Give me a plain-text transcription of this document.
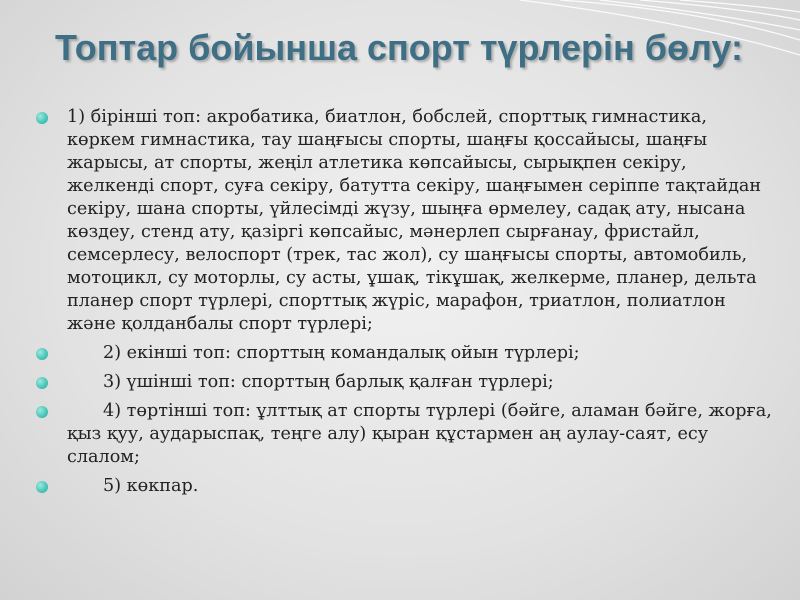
Топтар бойынша спорт түрлерін бөлу:
1) бірінші топ: акробатика, биатлон, бобслей, спорттық гимнастика, көркем гимнастика, тау шаңғысы спорты, шаңғы қоссайысы, шаңғы жарысы, ат спорты, жеңіл атлетика көпсайысы, сырықпен секіру, желкенді спорт, суға секіру, батутта секіру, шаңғымен серіппе тақтайдан секіру, шана спорты, үйлесімді жүзу, шыңға өрмелеу, садақ ату, нысана көздеу, стенд ату, қазіргі көпсайыс, мәнерлеп сырғанау, фристайл, семсерлесу, велоспорт (трек, тас жол), су шаңғысы спорты, автомобиль, мотоцикл, су моторлы, су асты, ұшақ, тікұшақ, желкерме, планер, дельта планер спорт түрлері, спорттық жүріс, марафон, триатлон, полиатлон және қолданбалы спорт түрлері;
2) екінші топ: спорттың командалық ойын түрлері;
3) үшінші топ: спорттың барлық қалған түрлері;
4) төртінші топ: ұлттық ат спорты түрлері (бәйге, аламан бәйге, жорға, қыз қуу, аударыспақ, теңге алу) қыран құстармен аң аулау-саят, есу слалом;
5) көкпар.
